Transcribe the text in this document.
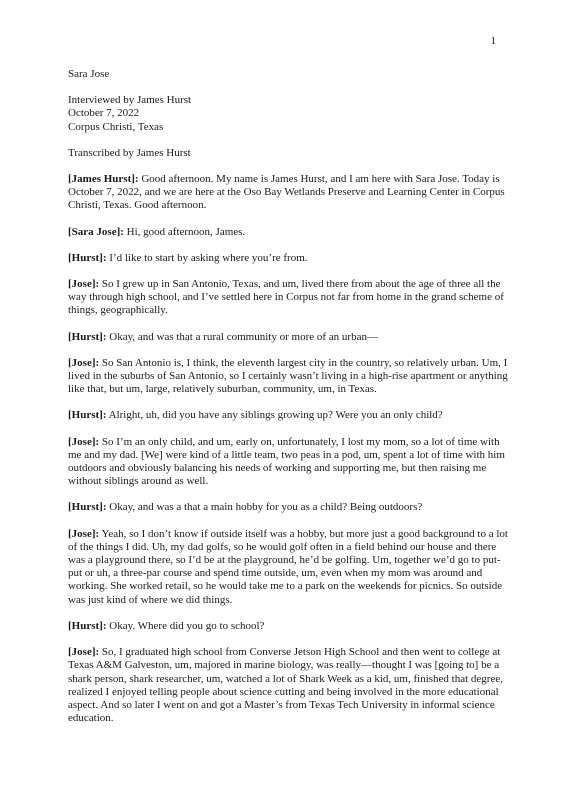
1
Sara Jose
Interviewed by James Hurst
October 7, 2022
Corpus Christi, Texas
Transcribed by James Hurst

[James Hurst]: Good afternoon. My name is James Hurst, and I am here with Sara Jose. Today is October 7, 2022, and we are here at the Oso Bay Wetlands Preserve and Learning Center in Corpus Christi, Texas. Good afternoon.

[Sara Jose]: Hi, good afternoon, James.

[Hurst]: I’d like to start by asking where you’re from.

[Jose]: So I grew up in San Antonio, Texas, and um, lived there from about the age of three all the way through high school, and I’ve settled here in Corpus not far from home in the grand scheme of things, geographically.

[Hurst]: Okay, and was that a rural community or more of an urban—

[Jose]: So San Antonio is, I think, the eleventh largest city in the country, so relatively urban. Um, I lived in the suburbs of San Antonio, so I certainly wasn’t living in a high-rise apartment or anything like that, but um, large, relatively suburban, community, um, in Texas.

[Hurst]: Alright, uh, did you have any siblings growing up? Were you an only child?

[Jose]: So I’m an only child, and um, early on, unfortunately, I lost my mom, so a lot of time with me and my dad. [We] were kind of a little team, two peas in a pod, um, spent a lot of time with him outdoors and obviously balancing his needs of working and supporting me, but then raising me without siblings around as well.

[Hurst]: Okay, and was a that a main hobby for you as a child? Being outdoors?

[Jose]: Yeah, so I don’t know if outside itself was a hobby, but more just a good background to a lot of the things I did. Uh, my dad golfs, so he would golf often in a field behind our house and there was a playground there, so I’d be at the playground, he’d be golfing. Um, together we’d go to put-put or uh, a three-par course and spend time outside, um, even when my mom was around and working. She worked retail, so he would take me to a park on the weekends for picnics. So outside was just kind of where we did things.

[Hurst]: Okay. Where did you go to school?

[Jose]: So, I graduated high school from Converse Jetson High School and then went to college at Texas A&M Galveston, um, majored in marine biology, was really—thought I was [going to] be a shark person, shark researcher, um, watched a lot of Shark Week as a kid, um, finished that degree, realized I enjoyed telling people about science cutting and being involved in the more educational aspect. And so later I went on and got a Master’s from Texas Tech University in informal science education.
